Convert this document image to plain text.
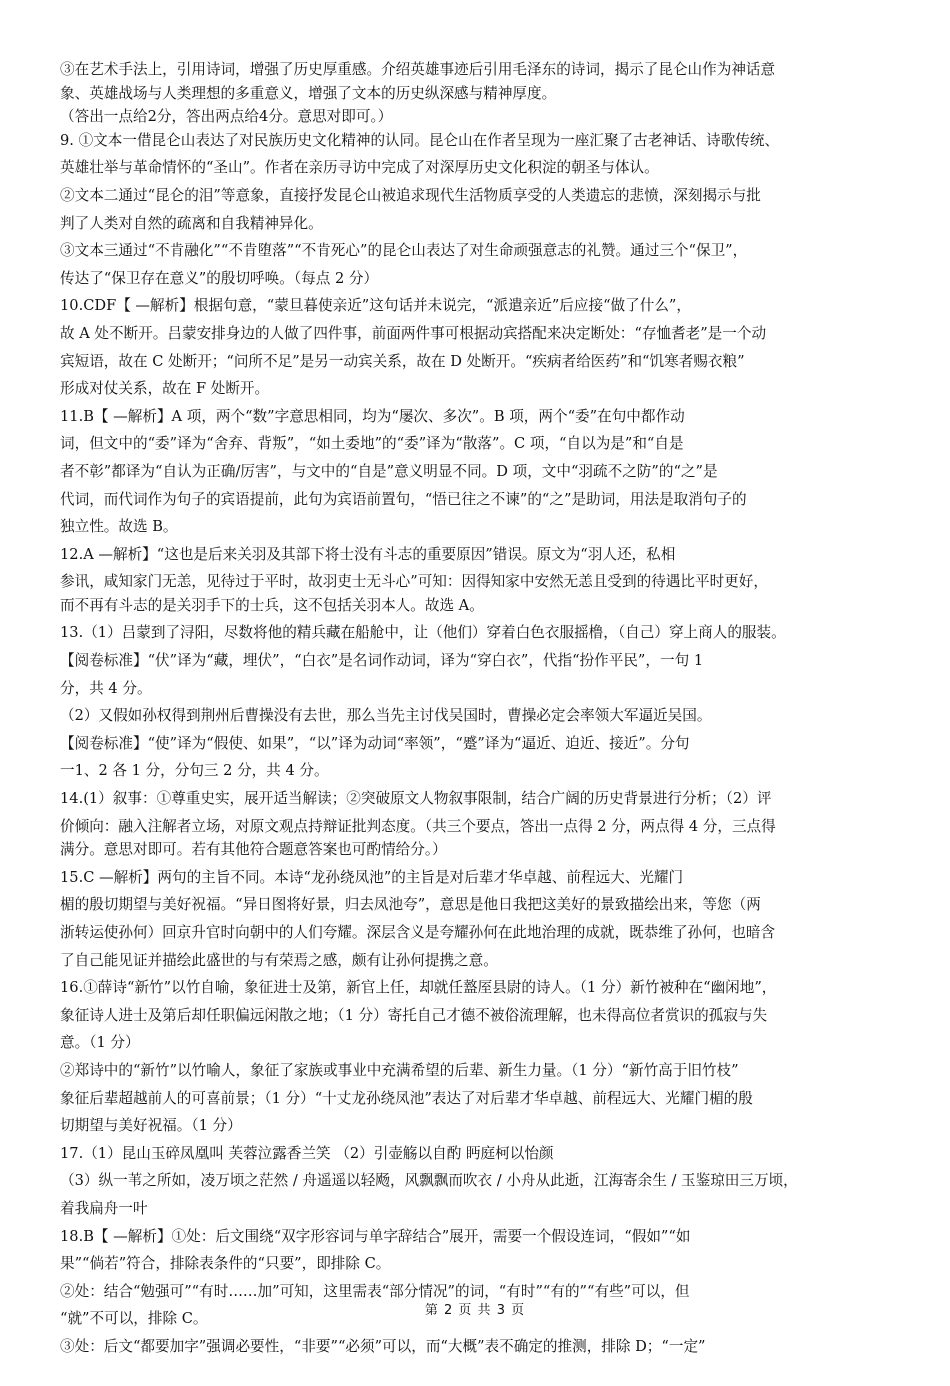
③在艺术手法上，引用诗词，增强了历史厚重感。介绍英雄事迹后引用毛泽东的诗词，揭示了昆仑山作为神话意
象、英雄战场与人类理想的多重意义，增强了文本的历史纵深感与精神厚度。
（答出一点给2分，答出两点给4分。意思对即可。）
9. ①文本一借昆仑山表达了对民族历史文化精神的认同。昆仑山在作者呈现为一座汇聚了古老神话、诗歌传统、
英雄壮举与革命情怀的“圣山”。作者在亲历寻访中完成了对深厚历史文化积淀的朝圣与体认。
②文本二通过“昆仑的泪”等意象，直接抒发昆仑山被追求现代生活物质享受的人类遗忘的悲愤，深刻揭示与批
判了人类对自然的疏离和自我精神异化。
③文本三通过“不肯融化”“不肯堕落”“不肯死心”的昆仑山表达了对生命顽强意志的礼赞。通过三个“保卫”，
传达了“保卫存在意义”的殷切呼唤。（每点 2 分）
10.CDF【 —解析】根据句意，“蒙旦暮使亲近”这句话并未说完，“派遣亲近”后应接“做了什么”，
故 A 处不断开。吕蒙安排身边的人做了四件事，前面两件事可根据动宾搭配来决定断处：“存恤耆老”是一个动
宾短语，故在 C 处断开；“问所不足”是另一动宾关系，故在 D 处断开。“疾病者给医药”和“饥寒者赐衣粮”
形成对仗关系，故在 F 处断开。
11.B【 —解析】A 项，两个“数”字意思相同，均为“屡次、多次”。B 项，两个“委”在句中都作动
词，但文中的“委”译为“舍弃、背叛”，“如土委地”的“委”译为“散落”。C 项，“自以为是”和“自是
者不彰”都译为“自认为正确/厉害”，与文中的“自是”意义明显不同。D 项，文中“羽疏不之防”的“之”是
代词，而代词作为句子的宾语提前，此句为宾语前置句，“悟已往之不谏”的“之”是助词，用法是取消句子的
独立性。故选 B。
12.A —解析】“这也是后来关羽及其部下将士没有斗志的重要原因”错误。原文为“羽人还，私相
参讯，咸知家门无恙，见待过于平时，故羽吏士无斗心”可知：因得知家中安然无恙且受到的待遇比平时更好，
而不再有斗志的是关羽手下的士兵，这不包括关羽本人。故选 A。
13.（1）吕蒙到了浔阳，尽数将他的精兵藏在船舱中，让（他们）穿着白色衣服摇橹，（自己）穿上商人的服装。
【阅卷标准】“伏”译为“藏，埋伏”，“白衣”是名词作动词，译为“穿白衣”，代指“扮作平民”，一句 1
分，共 4 分。
（2）又假如孙权得到荆州后曹操没有去世，那么当先主讨伐吴国时，曹操必定会率领大军逼近吴国。
【阅卷标准】“使”译为“假使、如果”，“以”译为动词“率领”，“蹙”译为“逼近、迫近、接近”。分句
一1、2 各 1 分，分句三 2 分，共 4 分。
14.(1）叙事：①尊重史实，展开适当解读；②突破原文人物叙事限制，结合广阔的历史背景进行分析；（2）评
价倾向：融入注解者立场，对原文观点持辩证批判态度。（共三个要点，答出一点得 2 分，两点得 4 分，三点得
满分。意思对即可。若有其他符合题意答案也可酌情给分。）
15.C —解析】两句的主旨不同。本诗“龙孙绕凤池”的主旨是对后辈才华卓越、前程远大、光耀门
楣的殷切期望与美好祝福。“异日图将好景，归去凤池夸”，意思是他日我把这美好的景致描绘出来，等您（两
浙转运使孙何）回京升官时向朝中的人们夸耀。深层含义是夸耀孙何在此地治理的成就，既恭维了孙何，也暗含
了自己能见证并描绘此盛世的与有荣焉之感，颇有让孙何提携之意。
16.①薛诗“新竹”以竹自喻，象征进士及第，新官上任，却就任盩厔县尉的诗人。（1 分）新竹被种在“幽闲地”，
象征诗人进士及第后却任职偏远闲散之地；（1 分）寄托自己才德不被俗流理解，也未得高位者赏识的孤寂与失
意。（1 分）
②郑诗中的“新竹”以竹喻人，象征了家族或事业中充满希望的后辈、新生力量。（1 分）“新竹高于旧竹枝”
象征后辈超越前人的可喜前景；（1 分）“十丈龙孙绕凤池”表达了对后辈才华卓越、前程远大、光耀门楣的殷
切期望与美好祝福。（1 分）
17.（1）昆山玉碎凤凰叫 芙蓉泣露香兰笑 （2）引壶觞以自酌 眄庭柯以怡颜
（3）纵一苇之所如，凌万顷之茫然 / 舟遥遥以轻飏，风飘飘而吹衣 / 小舟从此逝，江海寄余生 / 玉鉴琼田三万顷，
着我扁舟一叶
18.B【 —解析】①处：后文围绕“双字形容词与单字辞结合”展开，需要一个假设连词，“假如”“如
果”“倘若”符合，排除表条件的“只要”，即排除 C。
②处：结合“勉强可”“有时……加”可知，这里需表“部分情况”的词，“有时”“有的”“有些”可以，但
“就”不可以，排除 C。
③处：后文“都要加字”强调必要性，“非要”“必须”可以，而“大概”表不确定的推测，排除 D；“一定”
第 2 页 共 3 页
